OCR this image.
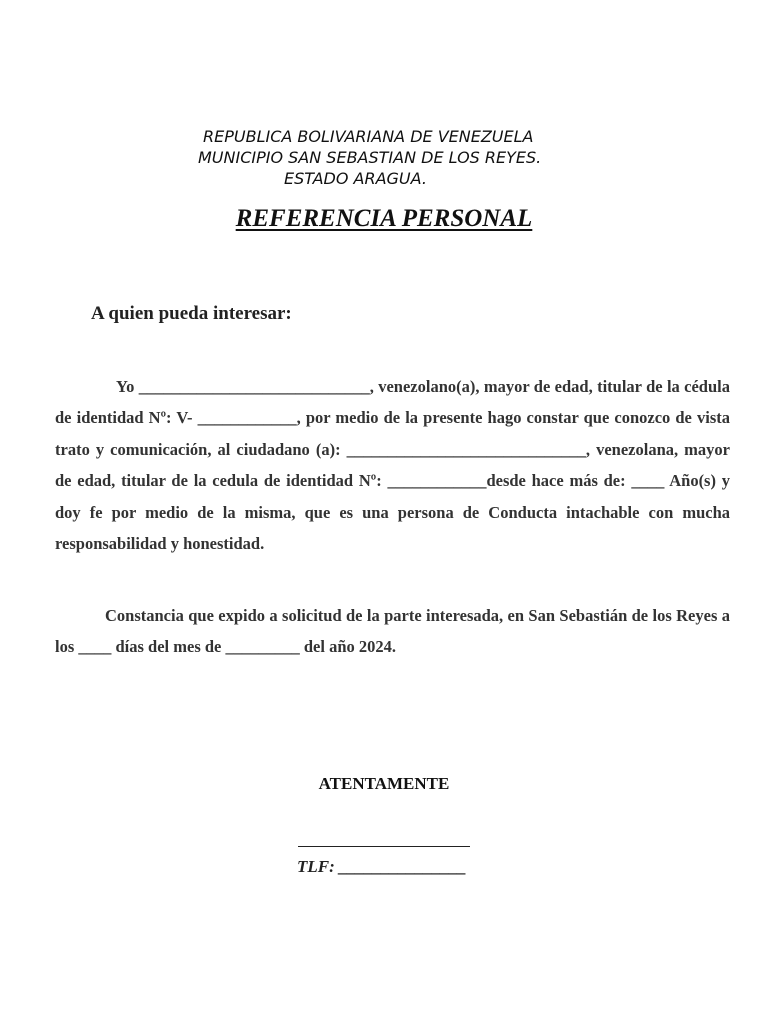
REPUBLICA BOLIVARIANA DE VENEZUELA
MUNICIPIO SAN SEBASTIAN DE LOS REYES.
ESTADO ARAGUA.
REFERENCIA PERSONAL
A quien pueda interesar:
Yo ____________________________, venezolano(a), mayor de edad, titular de la cédula de identidad Nº: V- ____________, por medio de la presente hago constar que conozco de vista trato y comunicación, al ciudadano (a): _____________________________, venezolana, mayor de edad, titular de la cedula de identidad Nº: ____________desde hace más de: ____ Año(s) y doy fe por medio de la misma, que es una persona de Conducta intachable con mucha responsabilidad y honestidad.
Constancia que expido a solicitud de la parte interesada, en San Sebastián de los Reyes a los ____ días del mes de _________ del año 2024.
ATENTAMENTE
TLF: _______________
